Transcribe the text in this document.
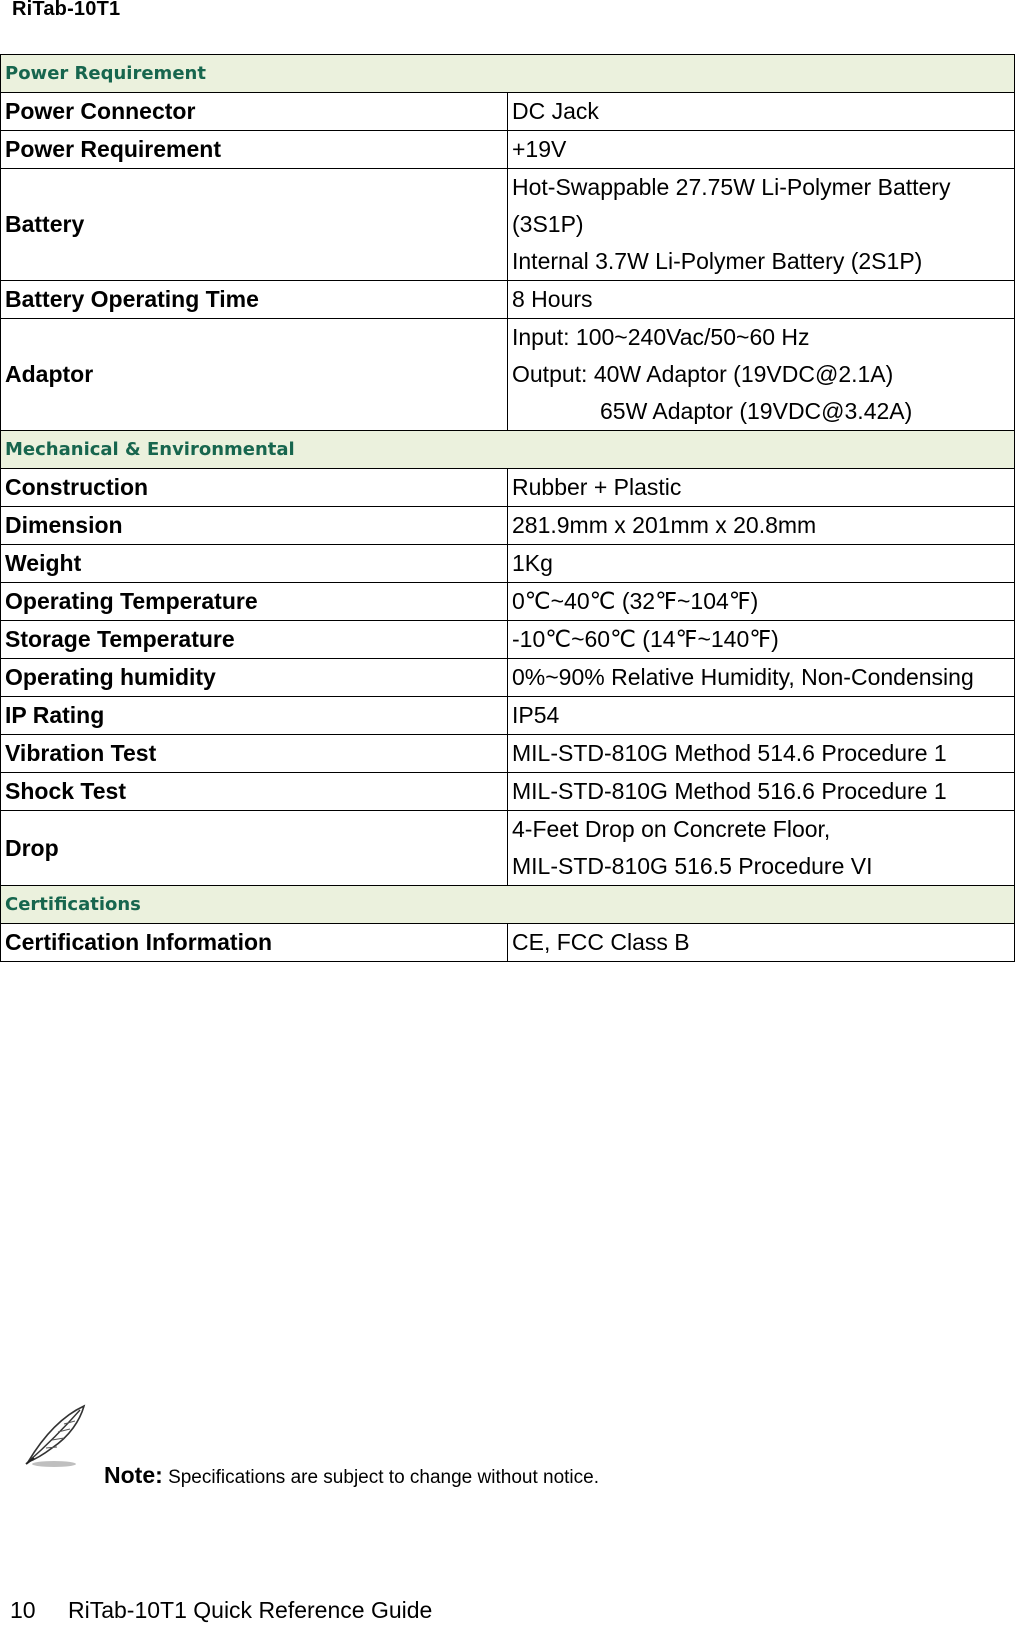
RiTab-10T1
Power Requirement	
Power Connector	DC Jack

Power Requirement	+19V

Battery	Hot-Swappable 27.75W Li-Polymer Battery (3S1P)
Internal 3.7W Li-Polymer Battery (2S1P)

Battery Operating Time	8 Hours

Adaptor	Input: 100~240Vac/50~60 Hz
Output: 40W Adaptor (19VDC@2.1A)
65W Adaptor (19VDC@3.42A)

Mechanical & Environmental	
Construction	Rubber + Plastic

Dimension	281.9mm x 201mm x 20.8mm

Weight	1Kg

Operating Temperature	0℃~40℃ (32℉~104℉)

Storage Temperature	-10℃~60℃ (14℉~140℉)

Operating humidity	0%~90% Relative Humidity, Non-Condensing

IP Rating	IP54

Vibration Test	MIL-STD-810G Method 514.6 Procedure 1

Shock Test	MIL-STD-810G Method 516.6 Procedure 1

Drop	4-Feet Drop on Concrete Floor,
MIL-STD-810G 516.5 Procedure VI

Certifications	
Certification Information	CE, FCC Class B
Note: Specifications are subject to change without notice.
10 RiTab-10T1 Quick Reference Guide
